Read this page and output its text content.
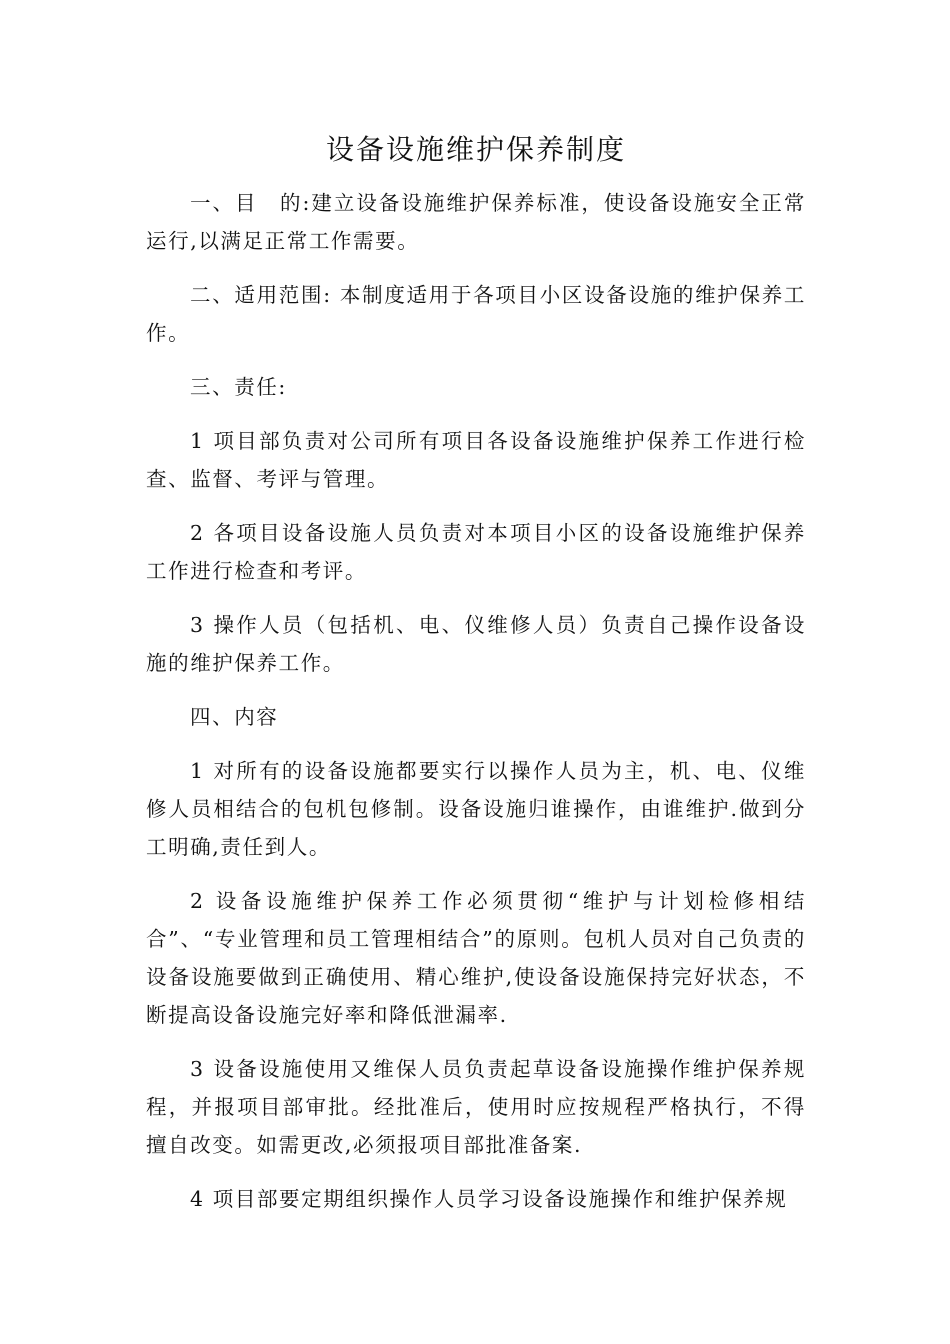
设备设施维护保养制度

一、目　的:建立设备设施维护保养标准，使设备设施安全正常运行,以满足正常工作需要。

二、适用范围: 本制度适用于各项目小区设备设施的维护保养工作。

三、责任:

1 项目部负责对公司所有项目各设备设施维护保养工作进行检查、监督、考评与管理。

2 各项目设备设施人员负责对本项目小区的设备设施维护保养工作进行检查和考评。

3 操作人员（包括机、电、仪维修人员）负责自己操作设备设施的维护保养工作。

四、内容

1 对所有的设备设施都要实行以操作人员为主，机、电、仪维修人员相结合的包机包修制。设备设施归谁操作，由谁维护.做到分工明确,责任到人。

2 设备设施维护保养工作必须贯彻“维护与计划检修相结合”、“专业管理和员工管理相结合”的原则。包机人员对自己负责的设备设施要做到正确使用、精心维护,使设备设施保持完好状态，不断提高设备设施完好率和降低泄漏率.

3 设备设施使用又维保人员负责起草设备设施操作维护保养规程，并报项目部审批。经批准后，使用时应按规程严格执行，不得擅自改变。如需更改,必须报项目部批准备案.

4 项目部要定期组织操作人员学习设备设施操作和维护保养规
